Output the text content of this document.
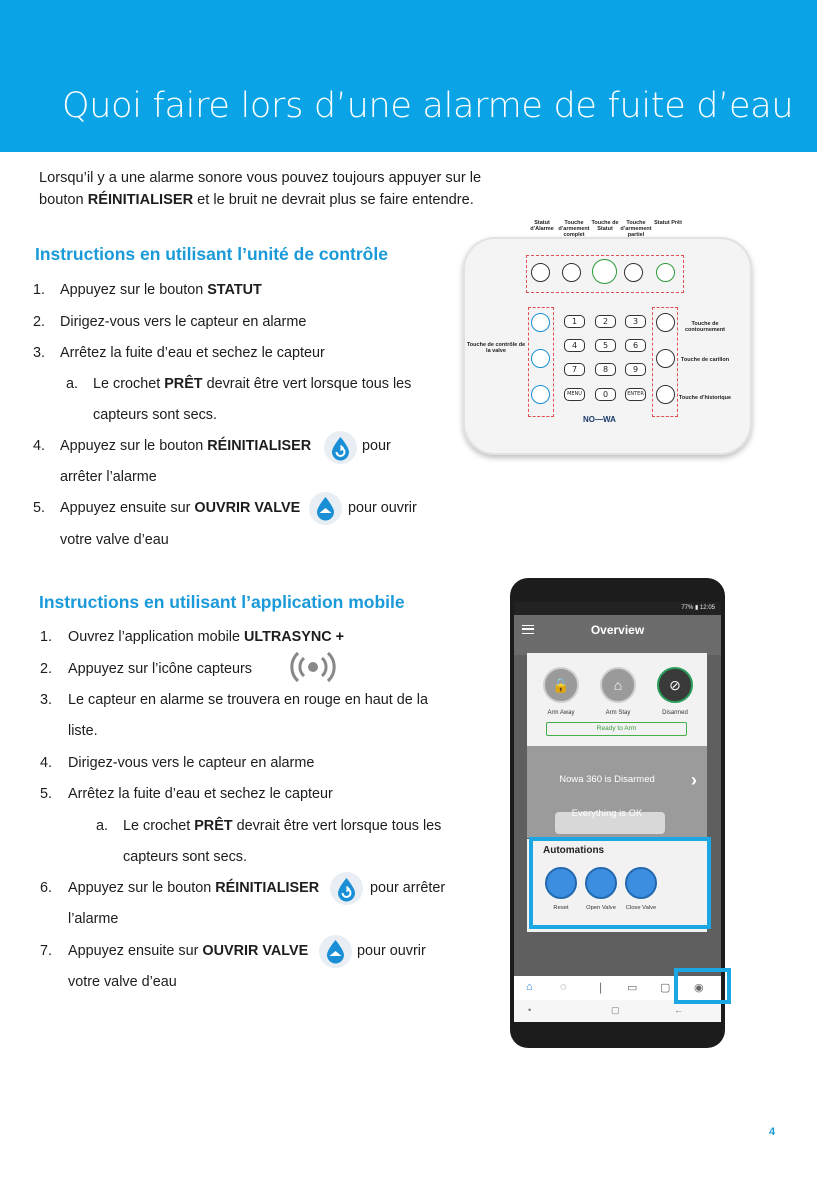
Quoi faire lors d’une alarme de fuite d’eau

Lorsqu’il y a une alarme sonore vous pouvez toujours appuyer sur le bouton RÉINITIALISER et le bruit ne devrait plus se faire entendre.

Instructions en utilisant l’unité de contrôle
1. Appuyez sur le bouton STATUT
2. Dirigez-vous vers le capteur en alarme
3. Arrêtez la fuite d’eau et sechez le capteur
a. Le crochet PRÊT devrait être vert lorsque tous les
capteurs sont secs.
4. Appuyez sur le bouton RÉINITIALISER	pour
arrêter l’alarme
5. Appuyez ensuite sur OUVRIR VALVE	pour ouvrir
votre valve d’eau
1	2	3
4	5	6
7	8	9
MENU	0	ENTER
Touche de contournement
Touche de carillon
Touche d’historique
NO—WA
Statut d’Alarme
Touche d’armement complet
Touche de Statut
Touche d’armement partiel
Statut Prêt
Touche de contrôle de la valve
Instructions en utilisant l’application mobile
1. Ouvrez l’application mobile ULTRASYNC +
2. Appuyez sur l’icône capteurs
3. Le capteur en alarme se trouvera en rouge en haut de la
liste.
4. Dirigez-vous vers le capteur en alarme
5. Arrêtez la fuite d’eau et sechez le capteur
a. Le crochet PRÊT devrait être vert lorsque tous les
capteurs sont secs.
6. Appuyez sur le bouton RÉINITIALISER	pour arrêter
l’alarme
7. Appuyez ensuite sur OUVRIR VALVE	pour ouvrir
votre valve d’eau
77% ▮ 12:05
Overview
🔒	⌂	⊘
Arm Away	Arm Stay	Disarmed
Ready to Arm
Nowa 360 is Disarmed
Everything is OK
›
Automations
Reset	Open Valve	Close Valve
⌂ ◌	❘ ▭ ▢ ◉
•	▢	←
4
